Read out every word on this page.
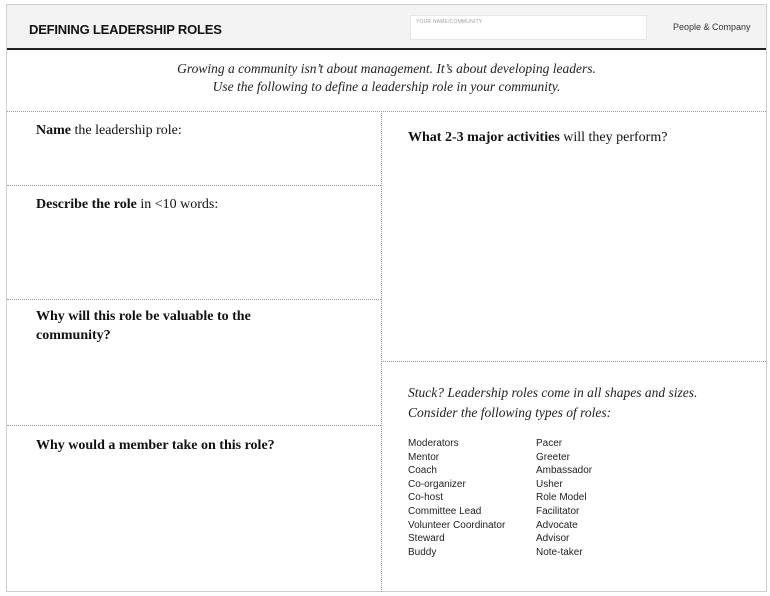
DEFINING LEADERSHIP ROLES	YOUR NAME/COMMUNITY	People & Company
Growing a community isn’t about management. It’s about developing leaders.
Use the following to define a leadership role in your community.
Name the leadership role:
Describe the role in <10 words:
Why will this role be valuable to the community?
Why would a member take on this role?
What 2-3 major activities will they perform?
Stuck? Leadership roles come in all shapes and sizes.
Consider the following types of roles:
Moderators
Mentor
Coach
Co-organizer
Co-host
Committee Lead
Volunteer Coordinator
Steward
Buddy
Pacer
Greeter
Ambassador
Usher
Role Model
Facilitator
Advocate
Advisor
Note-taker
